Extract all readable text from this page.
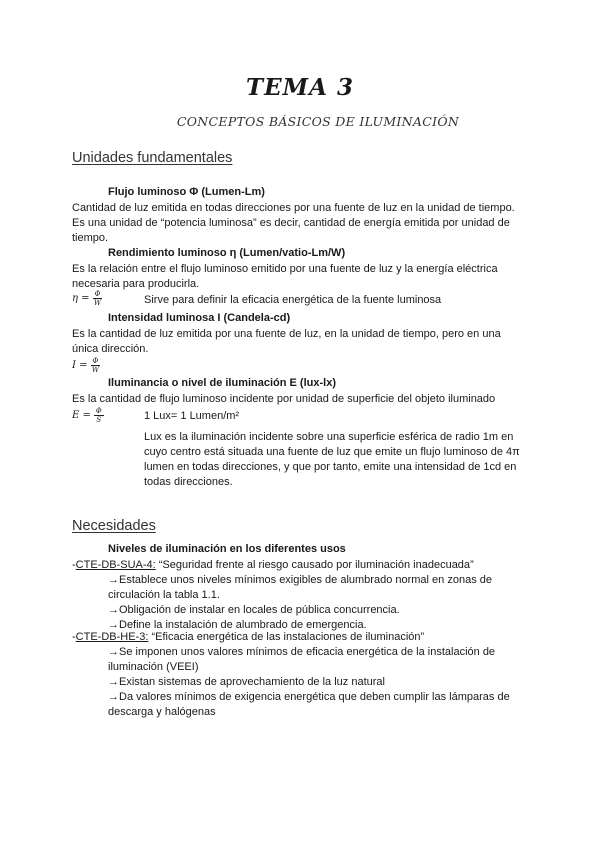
TEMA 3
CONCEPTOS BÁSICOS DE ILUMINACIÓN
Unidades fundamentales
Flujo luminoso Φ (Lumen-Lm)
Cantidad de luz emitida en todas direcciones por una fuente de luz en la unidad de tiempo.
Es una unidad de “potencia luminosa” es decir, cantidad de energía emitida por unidad de
tiempo.
Rendimiento luminoso η (Lumen/vatio-Lm/W)
Es la relación entre el flujo luminoso emitido por una fuente de luz y la energía eléctrica
necesaria para producirla.
$\eta = \frac{\Phi}{W}$	Sirve para definir la eficacia energética de la fuente luminosa
Intensidad luminosa I (Candela-cd)
Es la cantidad de luz emitida por una fuente de luz, en la unidad de tiempo, pero en una
única dirección.
$I = \frac{\Phi}{W}$
Iluminancia o nivel de iluminación E (lux-lx)
Es la cantidad de flujo luminoso incidente por unidad de superficie del objeto iluminado
$E = \frac{\Phi}{S}$	1 Lux= 1 Lumen/m²
Lux es la iluminación incidente sobre una superficie esférica de radio 1m en
cuyo centro está situada una fuente de luz que emite un flujo luminoso de 4π
lumen en todas direcciones, y que por tanto, emite una intensidad de 1cd en
todas direcciones.
Necesidades
Niveles de iluminación en los diferentes usos
-CTE-DB-SUA-4: “Seguridad frente al riesgo causado por iluminación inadecuada”
→Establece unos niveles mínimos exigibles de alumbrado normal en zonas de
circulación la tabla 1.1.
→Obligación de instalar en locales de pública concurrencia.
→Define la instalación de alumbrado de emergencia.
-CTE-DB-HE-3: “Eficacia energética de las instalaciones de iluminación”
→Se imponen unos valores mínimos de eficacia energética de la instalación de
iluminación (VEEI)
→Existan sistemas de aprovechamiento de la luz natural
→Da valores mínimos de exigencia energética que deben cumplir las lámparas de
descarga y halógenas
